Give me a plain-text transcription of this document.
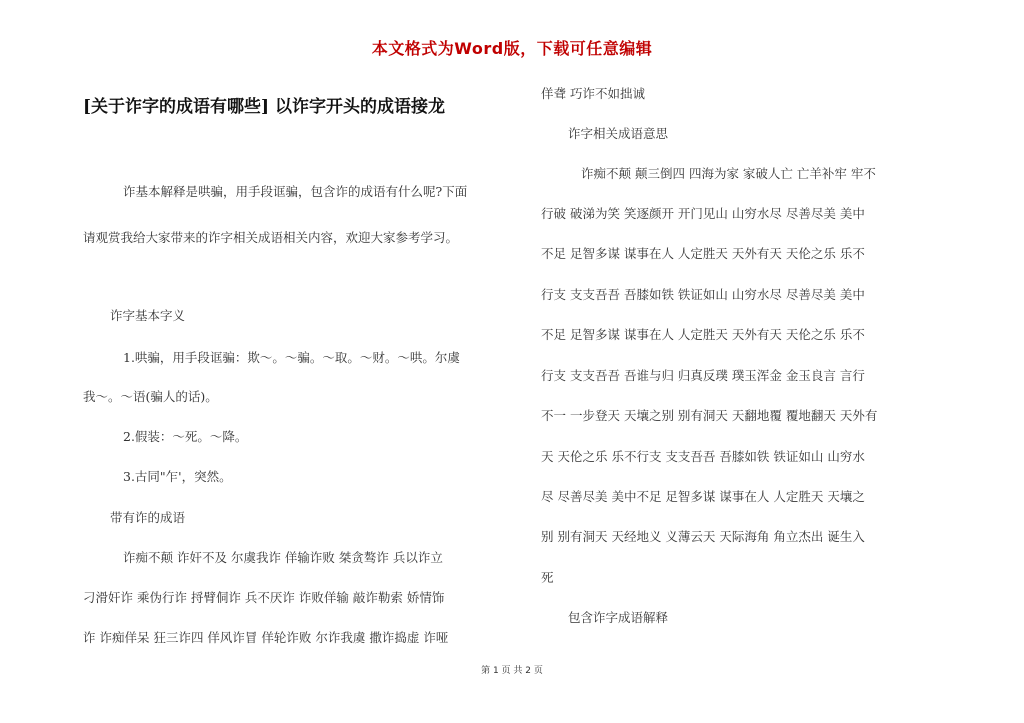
本文格式为Word版，下载可任意编辑
[关于诈字的成语有哪些] 以诈字开头的成语接龙
诈基本解释是哄骗，用手段诓骗，包含诈的成语有什么呢?下面
请观赏我给大家带来的诈字相关成语相关内容，欢迎大家参考学习。
诈字基本字义
1.哄骗，用手段诓骗：欺～。～骗。～取。～财。～哄。尔虞
我～。～语(骗人的话)。
2.假装：～死。～降。
3.古同"乍'，突然。
带有诈的成语
诈痴不颠 诈奸不及 尔虞我诈 佯输诈败 桀贪骜诈 兵以诈立
刁滑奸诈 乘伪行诈 捋臂侗诈 兵不厌诈 诈败佯输 敲诈勒索 娇情饰
诈 诈痴佯呆 狂三诈四 佯风诈冒 佯轮诈败 尔诈我虞 撒诈捣虚 诈哑
佯聋 巧诈不如拙诚
诈字相关成语意思
诈痴不颠 颠三倒四 四海为家 家破人亡 亡羊补牢 牢不
行破 破涕为笑 笑逐颜开 开门见山 山穷水尽 尽善尽美 美中
不足 足智多谋 谋事在人 人定胜天 天外有天 天伦之乐 乐不
行支 支支吾吾 吾膝如铁 铁证如山 山穷水尽 尽善尽美 美中
不足 足智多谋 谋事在人 人定胜天 天外有天 天伦之乐 乐不
行支 支支吾吾 吾谁与归 归真反璞 璞玉浑金 金玉良言 言行
不一 一步登天 天壤之别 别有洞天 天翻地覆 覆地翻天 天外有
天 天伦之乐 乐不行支 支支吾吾 吾膝如铁 铁证如山 山穷水
尽 尽善尽美 美中不足 足智多谋 谋事在人 人定胜天 天壤之
别 别有洞天 天经地义 义薄云天 天际海角 角立杰出 诞生入
死
包含诈字成语解释
第 1 页 共 2 页
